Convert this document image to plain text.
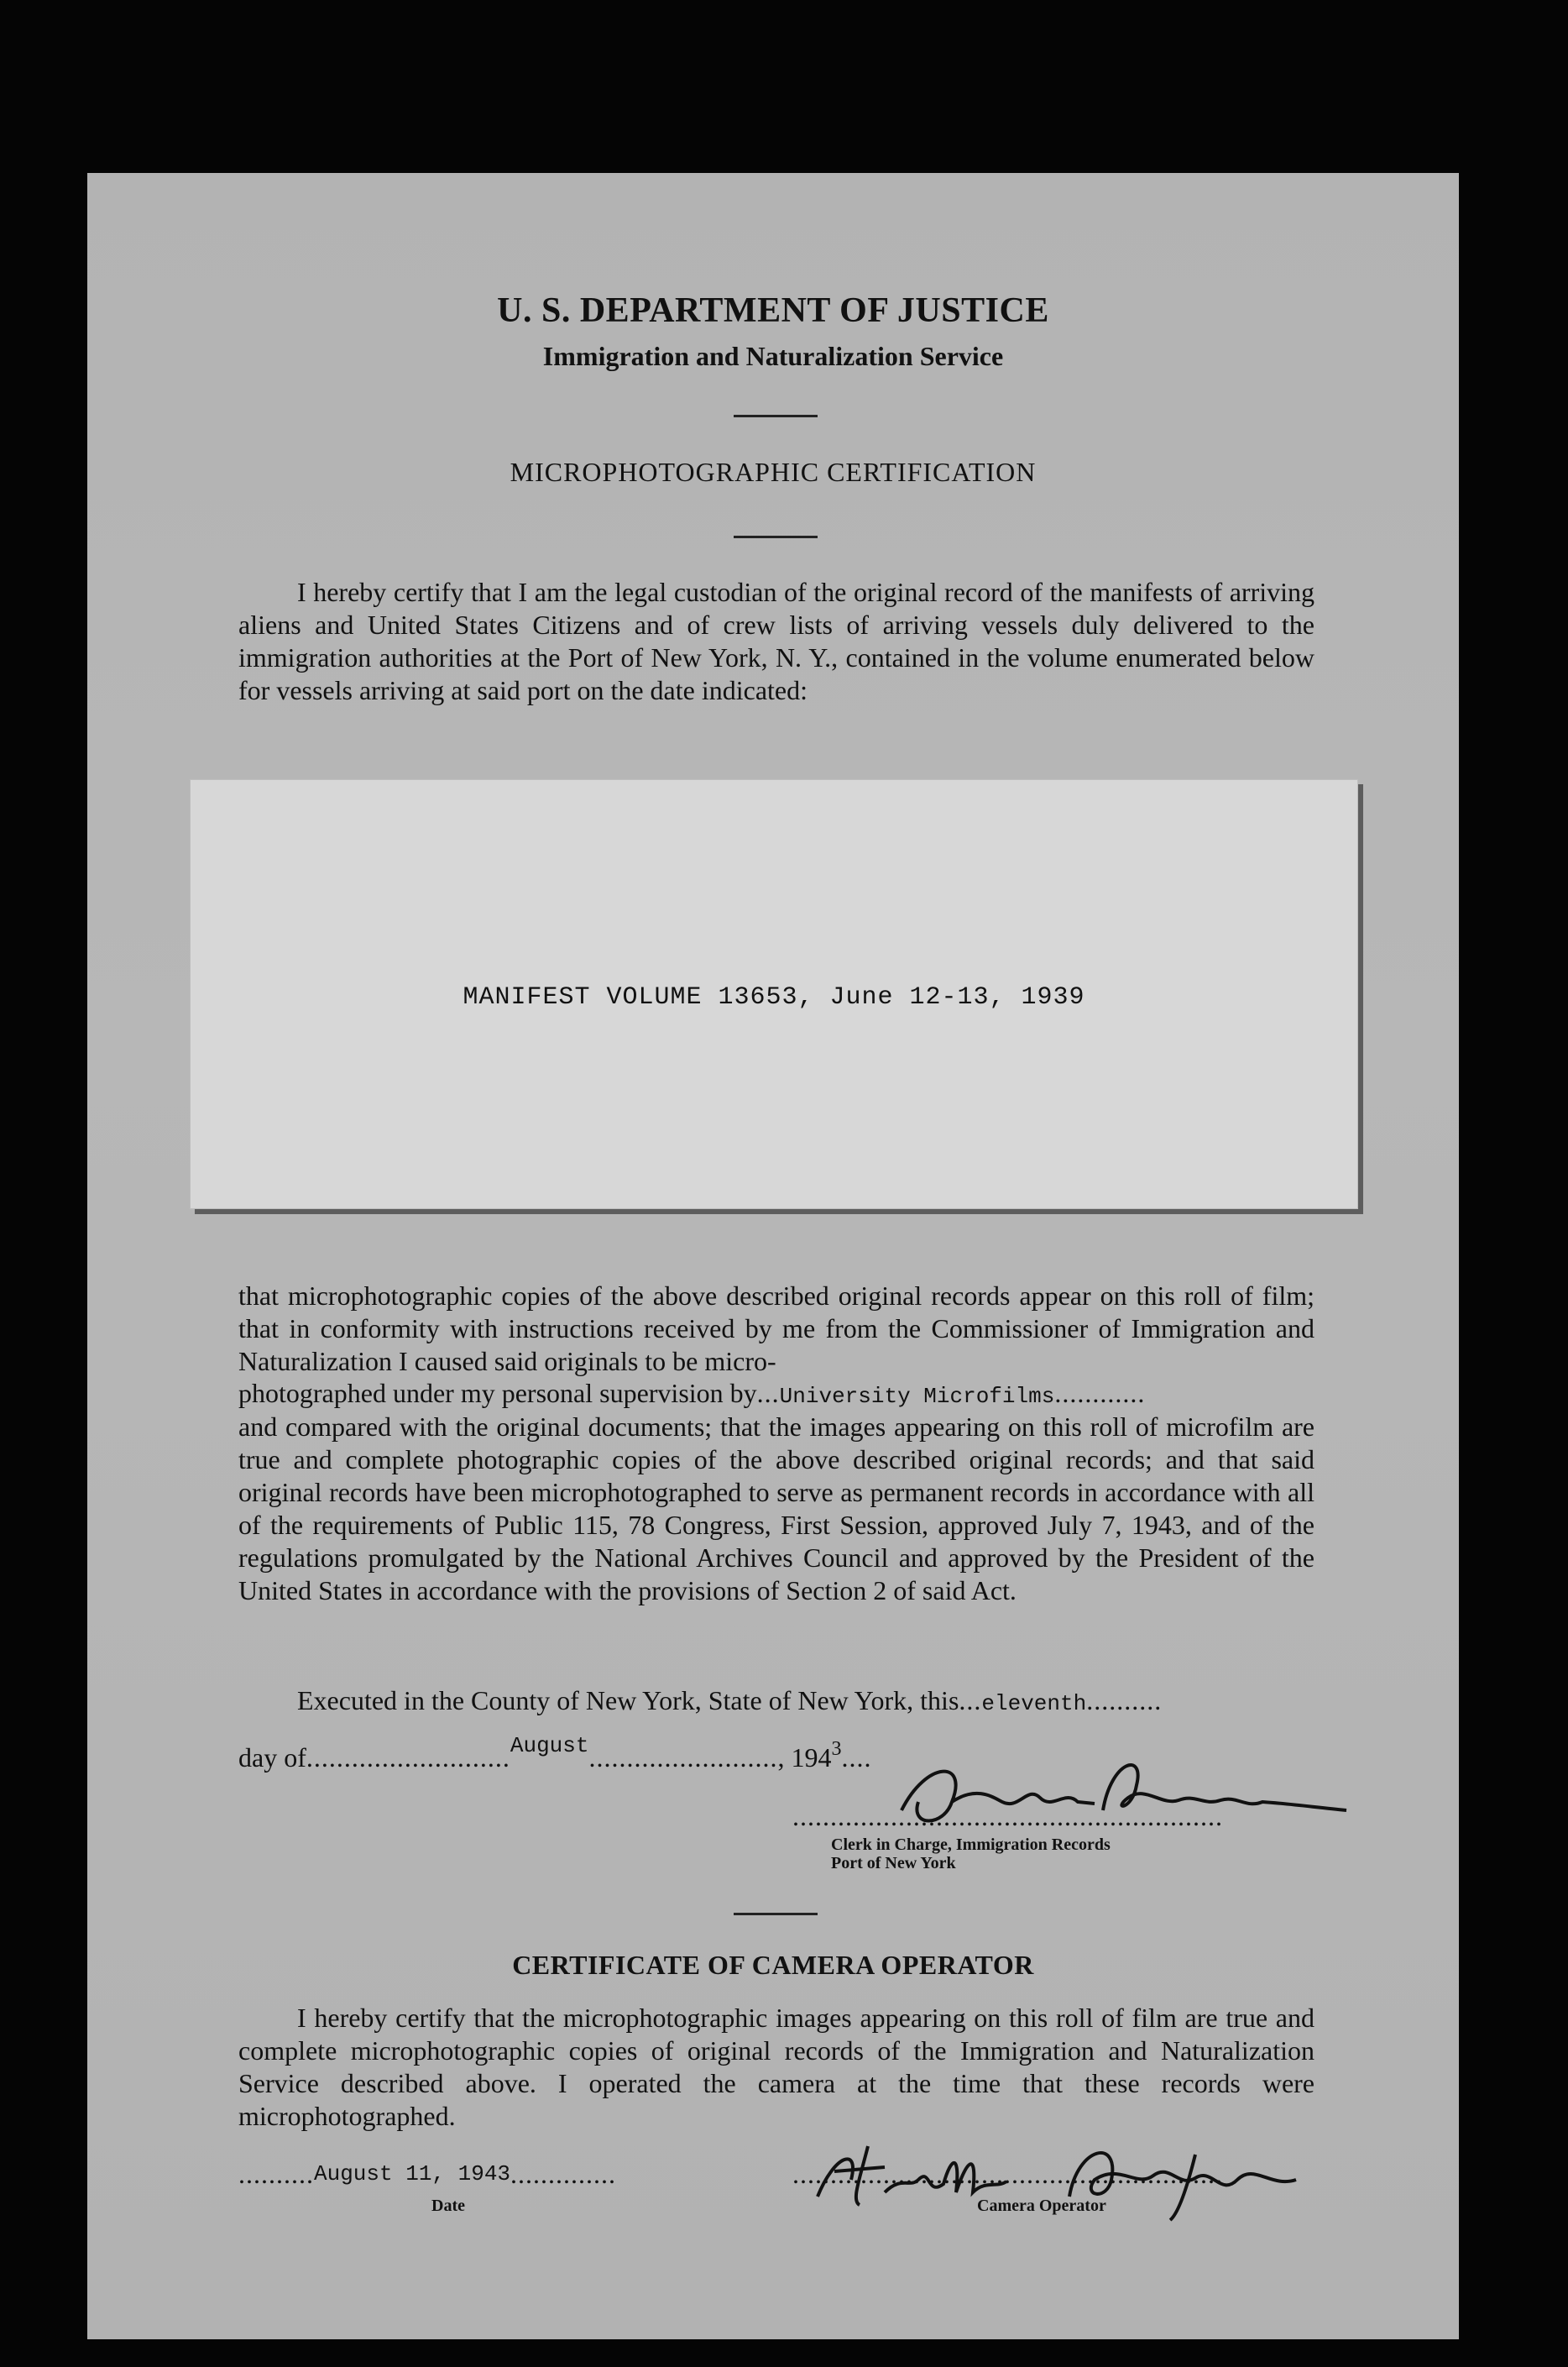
U. S. DEPARTMENT OF JUSTICE
Immigration and Naturalization Service
MICROPHOTOGRAPHIC CERTIFICATION
I hereby certify that I am the legal custodian of the original record of the manifests of arriving aliens and United States Citizens and of crew lists of arriving vessels duly delivered to the immigration authorities at the Port of New York, N. Y., contained in the volume enumerated below for vessels arriving at said port on the date indicated:
MANIFEST VOLUME 13653, June 12-13, 1939
that microphotographic copies of the above described original records appear on this roll of film; that in conformity with instructions received by me from the Commissioner of Immigration and Naturalization I caused said originals to be micro-
photographed under my personal supervision by...University Microfilms............
and compared with the original documents; that the images appearing on this roll of microfilm are true and complete photographic copies of the above described original records; and that said original records have been microphotographed to serve as permanent records in accordance with all of the requirements of Public 115, 78 Congress, First Session, approved July 7, 1943, and of the regulations promulgated by the National Archives Council and approved by the President of the United States in accordance with the provisions of Section 2 of said Act.
Executed in the County of New York, State of New York, this...eleventh..........
day of...........................$^{August}$........................., $194^3$....
.........................................................
Clerk in Charge, Immigration Records
Port of New York
CERTIFICATE OF CAMERA OPERATOR
I hereby certify that the microphotographic images appearing on this roll of film are true and complete microphotographic copies of original records of the Immigration and Naturalization Service described above. I operated the camera at the time that these records were microphotographed.
..........August 11, 1943..............
Date
.........................................................
Camera Operator
